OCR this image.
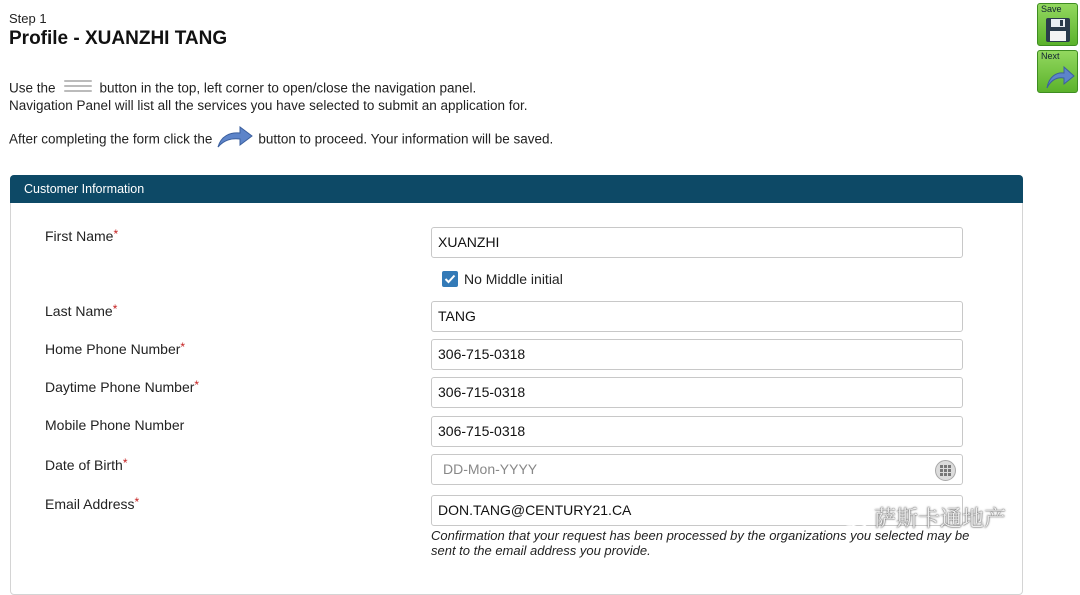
Step 1
Profile - XUANZHI TANG
Save
Next
Use the	button in the top, left corner to open/close the navigation panel.
Navigation Panel will list all the services you have selected to submit an application for.
After completing the form click the	button to proceed. Your information will be saved.
Customer Information
First Name*	XUANZHI
No Middle initial
Last Name*	TANG
Home Phone Number*	306-715-0318
Daytime Phone Number*	306-715-0318
Mobile Phone Number	306-715-0318
Date of Birth*	DD-Mon-YYYY
Email Address*	DON.TANG@CENTURY21.CA
Confirmation that your request has been processed by the organizations you selected may be sent to the email address you provide.
萨斯卡通地产
